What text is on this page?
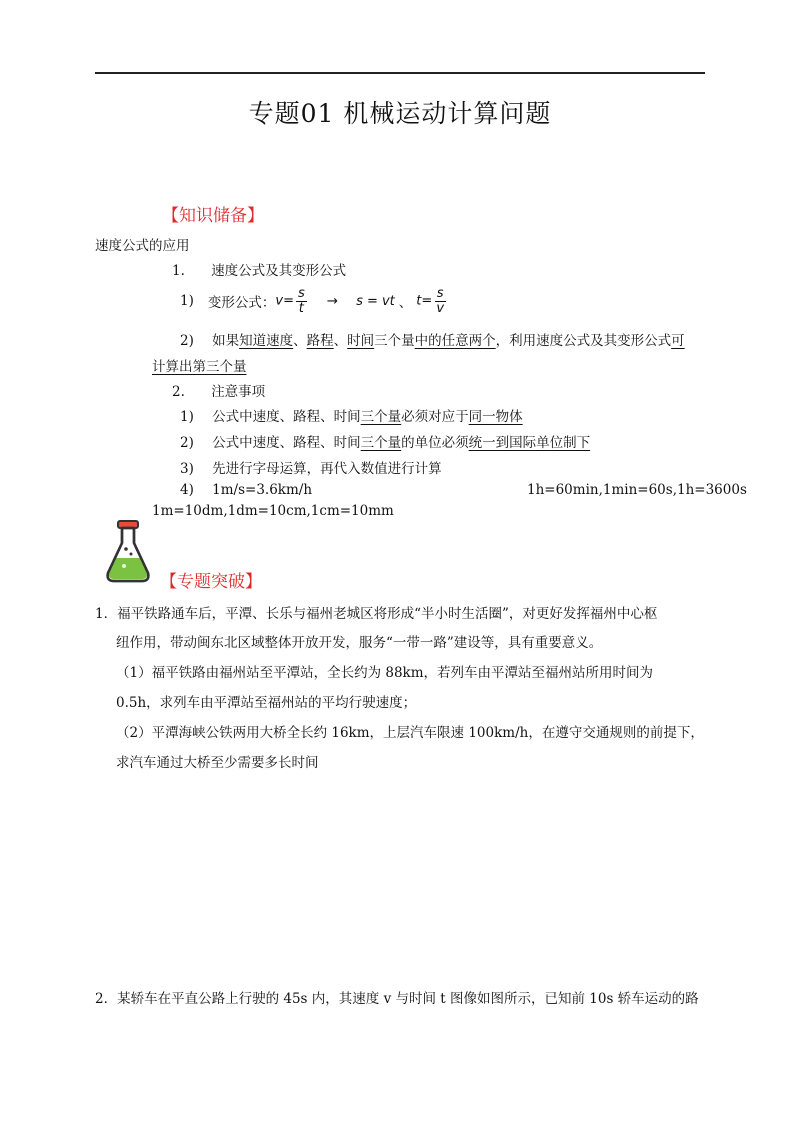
专题01 机械运动计算问题
【知识储备】
速度公式的应用
1. 速度公式及其变形公式
1) 变形公式： $v= \frac{s}{t} \to s$ = vt 、 $t= \frac{s}{v}$
2) 如果知道速度、路程、时间三个量中的任意两个，利用速度公式及其变形公式可
计算出第三个量
2. 注意事项
1) 公式中速度、路程、时间三个量必须对应于同一物体
2) 公式中速度、路程、时间三个量的单位必须统一到国际单位制下
3) 先进行字母运算，再代入数值进行计算
4) 1m/s=3.6km/h	1h=60min,1min=60s,1h=3600s
1m=10dm,1dm=10cm,1cm=10mm
【专题突破】
1．福平铁路通车后，平潭、长乐与福州老城区将形成“半小时生活圈”，对更好发挥福州中心枢
纽作用，带动闽东北区域整体开放开发，服务“一带一路”建设等，具有重要意义。
（1）福平铁路由福州站至平潭站，全长约为 88km，若列车由平潭站至福州站所用时间为
0.5h，求列车由平潭站至福州站的平均行驶速度；
（2）平潭海峡公铁两用大桥全长约 16km，上层汽车限速 100km/h，在遵守交通规则的前提下，
求汽车通过大桥至少需要多长时间
2．某轿车在平直公路上行驶的 45s 内，其速度 v 与时间 t 图像如图所示，已知前 10s 轿车运动的路
